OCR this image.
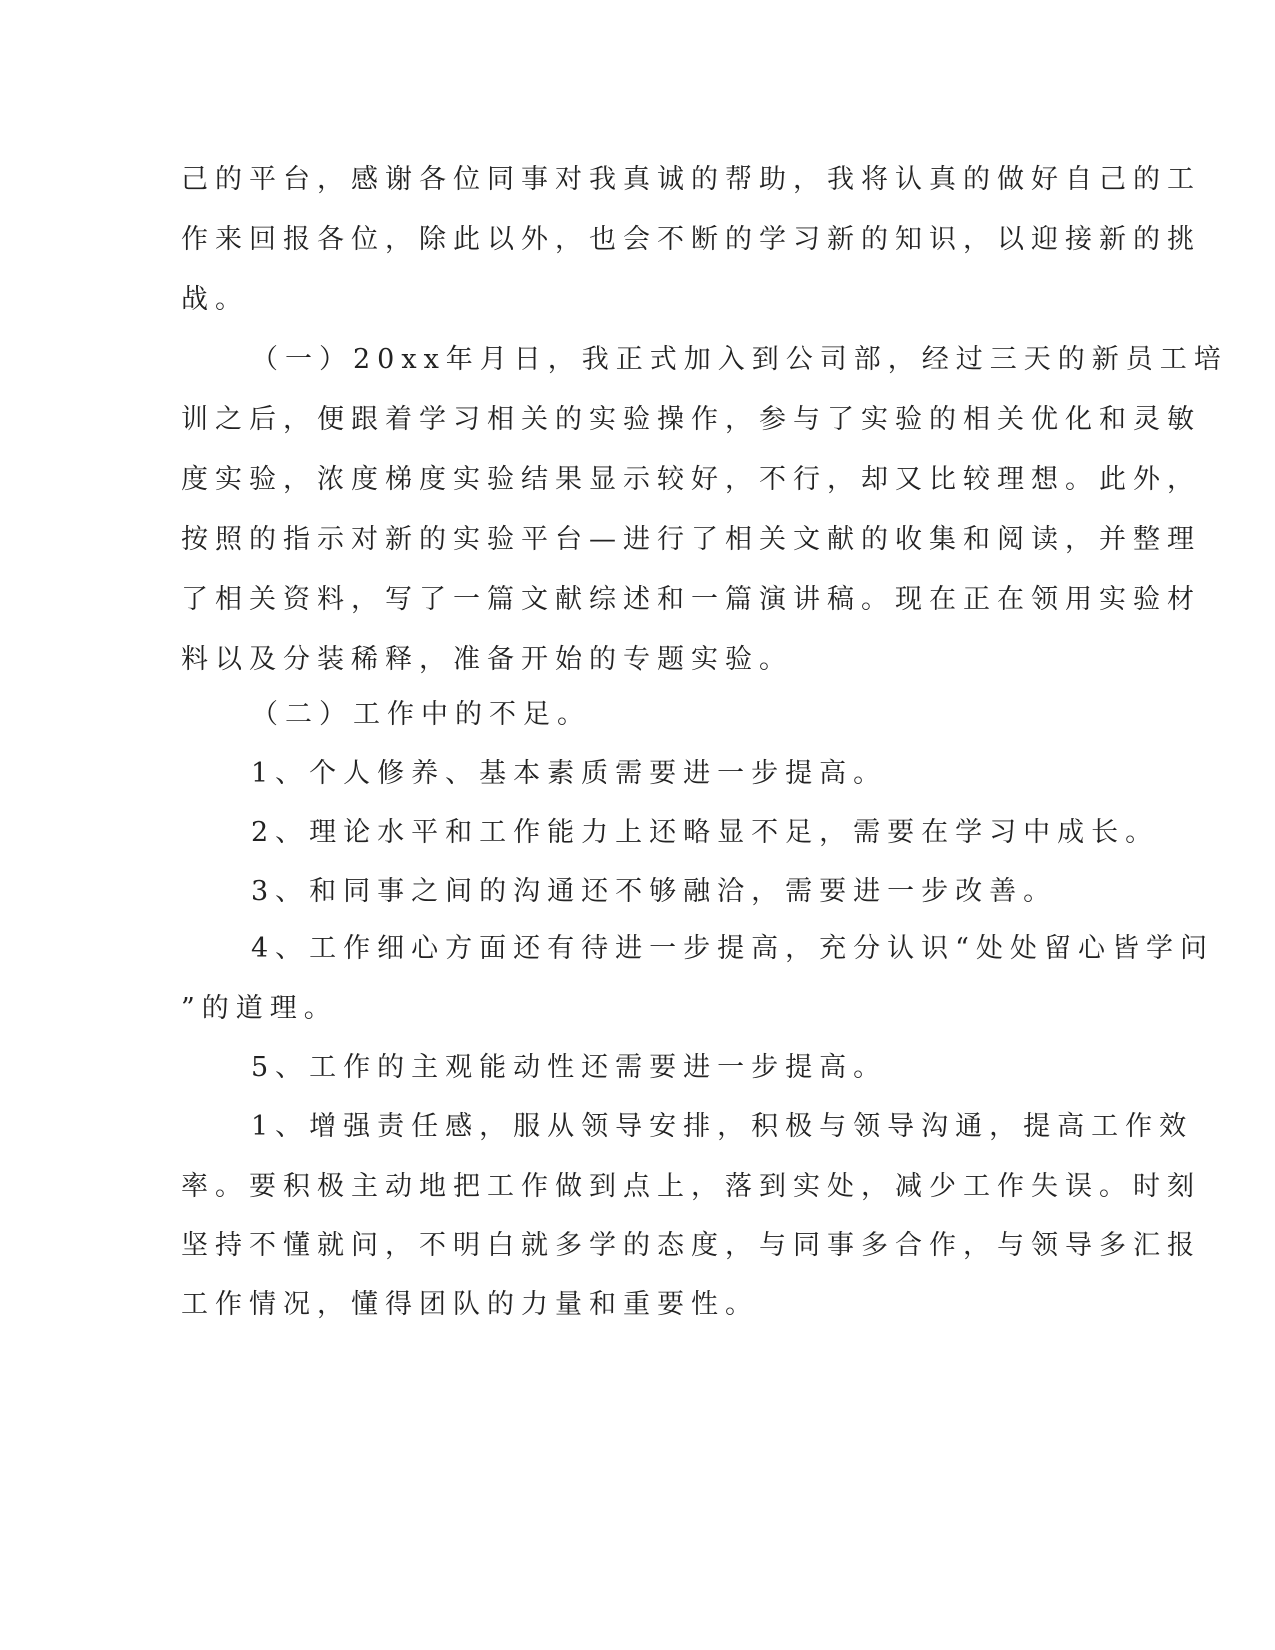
己的平台，感谢各位同事对我真诚的帮助，我将认真的做好自己的工
作来回报各位，除此以外，也会不断的学习新的知识，以迎接新的挑
战。
（一）20xx年月日，我正式加入到公司部，经过三天的新员工培
训之后，便跟着学习相关的实验操作，参与了实验的相关优化和灵敏
度实验，浓度梯度实验结果显示较好，不行，却又比较理想。此外，
按照的指示对新的实验平台—进行了相关文献的收集和阅读，并整理
了相关资料，写了一篇文献综述和一篇演讲稿。现在正在领用实验材
料以及分装稀释，准备开始的专题实验。
（二）工作中的不足。
1、个人修养、基本素质需要进一步提高。
2、理论水平和工作能力上还略显不足，需要在学习中成长。
3、和同事之间的沟通还不够融洽，需要进一步改善。
4、工作细心方面还有待进一步提高，充分认识“处处留心皆学问
”的道理。
5、工作的主观能动性还需要进一步提高。
1、增强责任感，服从领导安排，积极与领导沟通，提高工作效
率。要积极主动地把工作做到点上，落到实处，减少工作失误。时刻
坚持不懂就问，不明白就多学的态度，与同事多合作，与领导多汇报
工作情况，懂得团队的力量和重要性。
